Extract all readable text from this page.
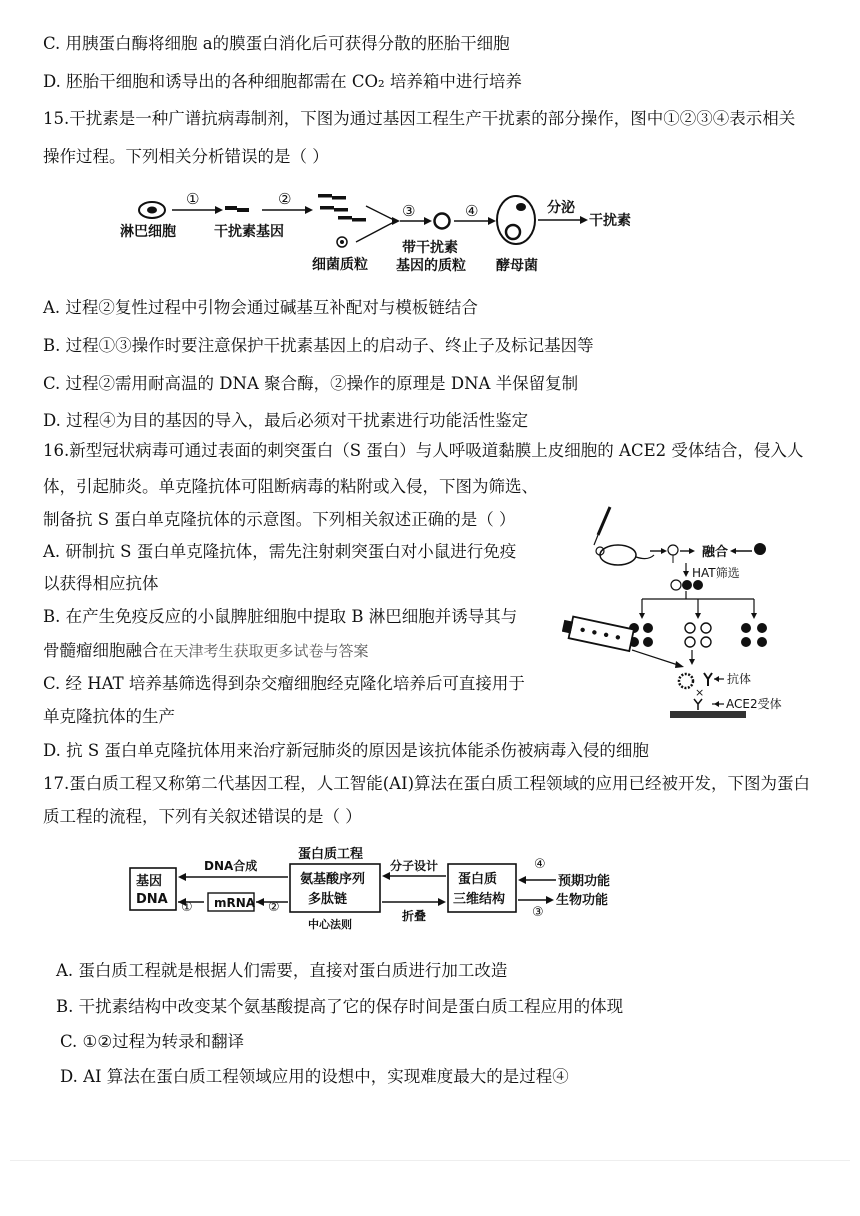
C. 用胰蛋白酶将细胞 a的膜蛋白消化后可获得分散的胚胎干细胞
D. 胚胎干细胞和诱导出的各种细胞都需在 CO₂ 培养箱中进行培养
15.干扰素是一种广谱抗病毒制剂，下图为通过基因工程生产干扰素的部分操作，图中①②③④表示相关
操作过程。下列相关分析错误的是（ ）
淋巴细胞
①
干扰素基因
②
细菌质粒
③
带干扰素
基因的质粒
④
酵母菌
分泌
干扰素
A. 过程②复性过程中引物会通过碱基互补配对与模板链结合
B. 过程①③操作时要注意保护干扰素基因上的启动子、终止子及标记基因等
C. 过程②需用耐高温的 DNA 聚合酶，②操作的原理是 DNA 半保留复制
D. 过程④为目的基因的导入，最后必须对干扰素进行功能活性鉴定
16.新型冠状病毒可通过表面的刺突蛋白（S 蛋白）与人呼吸道黏膜上皮细胞的 ACE2 受体结合，侵入人
体，引起肺炎。单克隆抗体可阻断病毒的粘附或入侵，下图为筛选、
制备抗 S 蛋白单克隆抗体的示意图。下列相关叙述正确的是（ ）
A. 研制抗 S 蛋白单克隆抗体，需先注射刺突蛋白对小鼠进行免疫
以获得相应抗体
B. 在产生免疫反应的小鼠脾脏细胞中提取 B 淋巴细胞并诱导其与
骨髓瘤细胞融合在天津考生获取更多试卷与答案
C. 经 HAT 培养基筛选得到杂交瘤细胞经克隆化培养后可直接用于
单克隆抗体的生产
D. 抗 S 蛋白单克隆抗体用来治疗新冠肺炎的原因是该抗体能杀伤被病毒入侵的细胞
融合
HAT筛选
抗体
×
ACE2受体
17.蛋白质工程又称第二代基因工程，人工智能(AI)算法在蛋白质工程领域的应用已经被开发，下图为蛋白
质工程的流程，下列有关叙述错误的是（ ）
基因
DNA
DNA合成
① mRNA ②
蛋白质工程
氨基酸序列
多肽链
中心法则
分子设计
折叠
蛋白质
三维结构
④
预期功能
生物功能
③
A. 蛋白质工程就是根据人们需要，直接对蛋白质进行加工改造
B. 干扰素结构中改变某个氨基酸提高了它的保存时间是蛋白质工程应用的体现
C. ①②过程为转录和翻译
D. AI 算法在蛋白质工程领域应用的设想中，实现难度最大的是过程④
